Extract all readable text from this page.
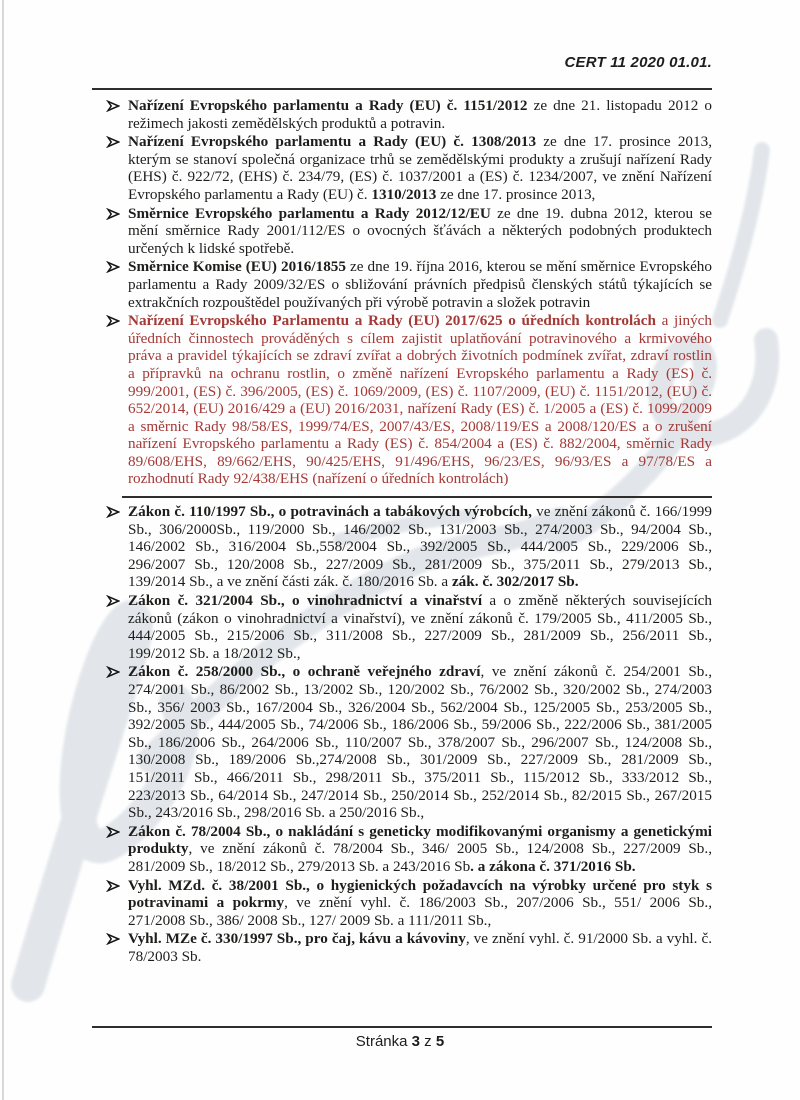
CERT 11 2020 01.01.
Nařízení Evropského parlamentu a Rady (EU) č. 1151/2012 ze dne 21. listopadu 2012 o režimech jakosti zemědělských produktů a potravin.
Nařízení Evropského parlamentu a Rady (EU) č. 1308/2013 ze dne 17. prosince 2013, kterým se stanoví společná organizace trhů se zemědělskými produkty a zrušují nařízení Rady (EHS) č. 922/72, (EHS) č. 234/79, (ES) č. 1037/2001 a (ES) č. 1234/2007, ve znění Nařízení Evropského parlamentu a Rady (EU) č. 1310/2013 ze dne 17. prosince 2013,
Směrnice Evropského parlamentu a Rady 2012/12/EU ze dne 19. dubna 2012, kterou se mění směrnice Rady 2001/112/ES o ovocných šťávách a některých podobných produktech určených k lidské spotřebě.
Směrnice Komise (EU) 2016/1855 ze dne 19. října 2016, kterou se mění směrnice Evropského parlamentu a Rady 2009/32/ES o sbližování právních předpisů členských států týkajících se extrakčních rozpouštědel používaných při výrobě potravin a složek potravin
Nařízení Evropského Parlamentu a Rady (EU) 2017/625 o úředních kontrolách a jiných úředních činnostech prováděných s cílem zajistit uplatňování potravinového a krmivového práva a pravidel týkajících se zdraví zvířat a dobrých životních podmínek zvířat, zdraví rostlin a přípravků na ochranu rostlin, o změně nařízení Evropského parlamentu a Rady (ES) č. 999/2001, (ES) č. 396/2005, (ES) č. 1069/2009, (ES) č. 1107/2009, (EU) č. 1151/2012, (EU) č. 652/2014, (EU) 2016/429 a (EU) 2016/2031, nařízení Rady (ES) č. 1/2005 a (ES) č. 1099/2009 a směrnic Rady 98/58/ES, 1999/74/ES, 2007/43/ES, 2008/119/ES a 2008/120/ES a o zrušení nařízení Evropského parlamentu a Rady (ES) č. 854/2004 a (ES) č. 882/2004, směrnic Rady 89/608/EHS, 89/662/EHS, 90/425/EHS, 91/496/EHS, 96/23/ES, 96/93/ES a 97/78/ES a rozhodnutí Rady 92/438/EHS (nařízení o úředních kontrolách)
Zákon č. 110/1997 Sb., o potravinách a tabákových výrobcích, ve znění zákonů č. 166/1999 Sb., 306/2000Sb., 119/2000 Sb., 146/2002 Sb., 131/2003 Sb., 274/2003 Sb., 94/2004 Sb., 146/2002 Sb., 316/2004 Sb.,558/2004 Sb., 392/2005 Sb., 444/2005 Sb., 229/2006 Sb., 296/2007 Sb., 120/2008 Sb., 227/2009 Sb., 281/2009 Sb., 375/2011 Sb., 279/2013 Sb., 139/2014 Sb., a ve znění části zák. č. 180/2016 Sb. a zák. č. 302/2017 Sb.
Zákon č. 321/2004 Sb., o vinohradnictví a vinařství a o změně některých souvisejících zákonů (zákon o vinohradnictví a vinařství), ve znění zákonů č. 179/2005 Sb., 411/2005 Sb., 444/2005 Sb., 215/2006 Sb., 311/2008 Sb., 227/2009 Sb., 281/2009 Sb., 256/2011 Sb., 199/2012 Sb. a 18/2012 Sb.,
Zákon č. 258/2000 Sb., o ochraně veřejného zdraví, ve znění zákonů č. 254/2001 Sb., 274/2001 Sb., 86/2002 Sb., 13/2002 Sb., 120/2002 Sb., 76/2002 Sb., 320/2002 Sb., 274/2003 Sb., 356/ 2003 Sb., 167/2004 Sb., 326/2004 Sb., 562/2004 Sb., 125/2005 Sb., 253/2005 Sb., 392/2005 Sb., 444/2005 Sb., 74/2006 Sb., 186/2006 Sb., 59/2006 Sb., 222/2006 Sb., 381/2005 Sb., 186/2006 Sb., 264/2006 Sb., 110/2007 Sb., 378/2007 Sb., 296/2007 Sb., 124/2008 Sb., 130/2008 Sb., 189/2006 Sb.,274/2008 Sb., 301/2009 Sb., 227/2009 Sb., 281/2009 Sb., 151/2011 Sb., 466/2011 Sb., 298/2011 Sb., 375/2011 Sb., 115/2012 Sb., 333/2012 Sb., 223/2013 Sb., 64/2014 Sb., 247/2014 Sb., 250/2014 Sb., 252/2014 Sb., 82/2015 Sb., 267/2015 Sb., 243/2016 Sb., 298/2016 Sb. a 250/2016 Sb.,
Zákon č. 78/2004 Sb., o nakládání s geneticky modifikovanými organismy a genetickými produkty, ve znění zákonů č. 78/2004 Sb., 346/ 2005 Sb., 124/2008 Sb., 227/2009 Sb., 281/2009 Sb., 18/2012 Sb., 279/2013 Sb. a 243/2016 Sb. a zákona č. 371/2016 Sb.
Vyhl. MZd. č. 38/2001 Sb., o hygienických požadavcích na výrobky určené pro styk s potravinami a pokrmy, ve znění vyhl. č. 186/2003 Sb., 207/2006 Sb., 551/ 2006 Sb., 271/2008 Sb., 386/ 2008 Sb., 127/ 2009 Sb. a 111/2011 Sb.,
Vyhl. MZe č. 330/1997 Sb., pro čaj, kávu a kávoviny, ve znění vyhl. č. 91/2000 Sb. a vyhl. č. 78/2003 Sb.
Stránka 3 z 5
